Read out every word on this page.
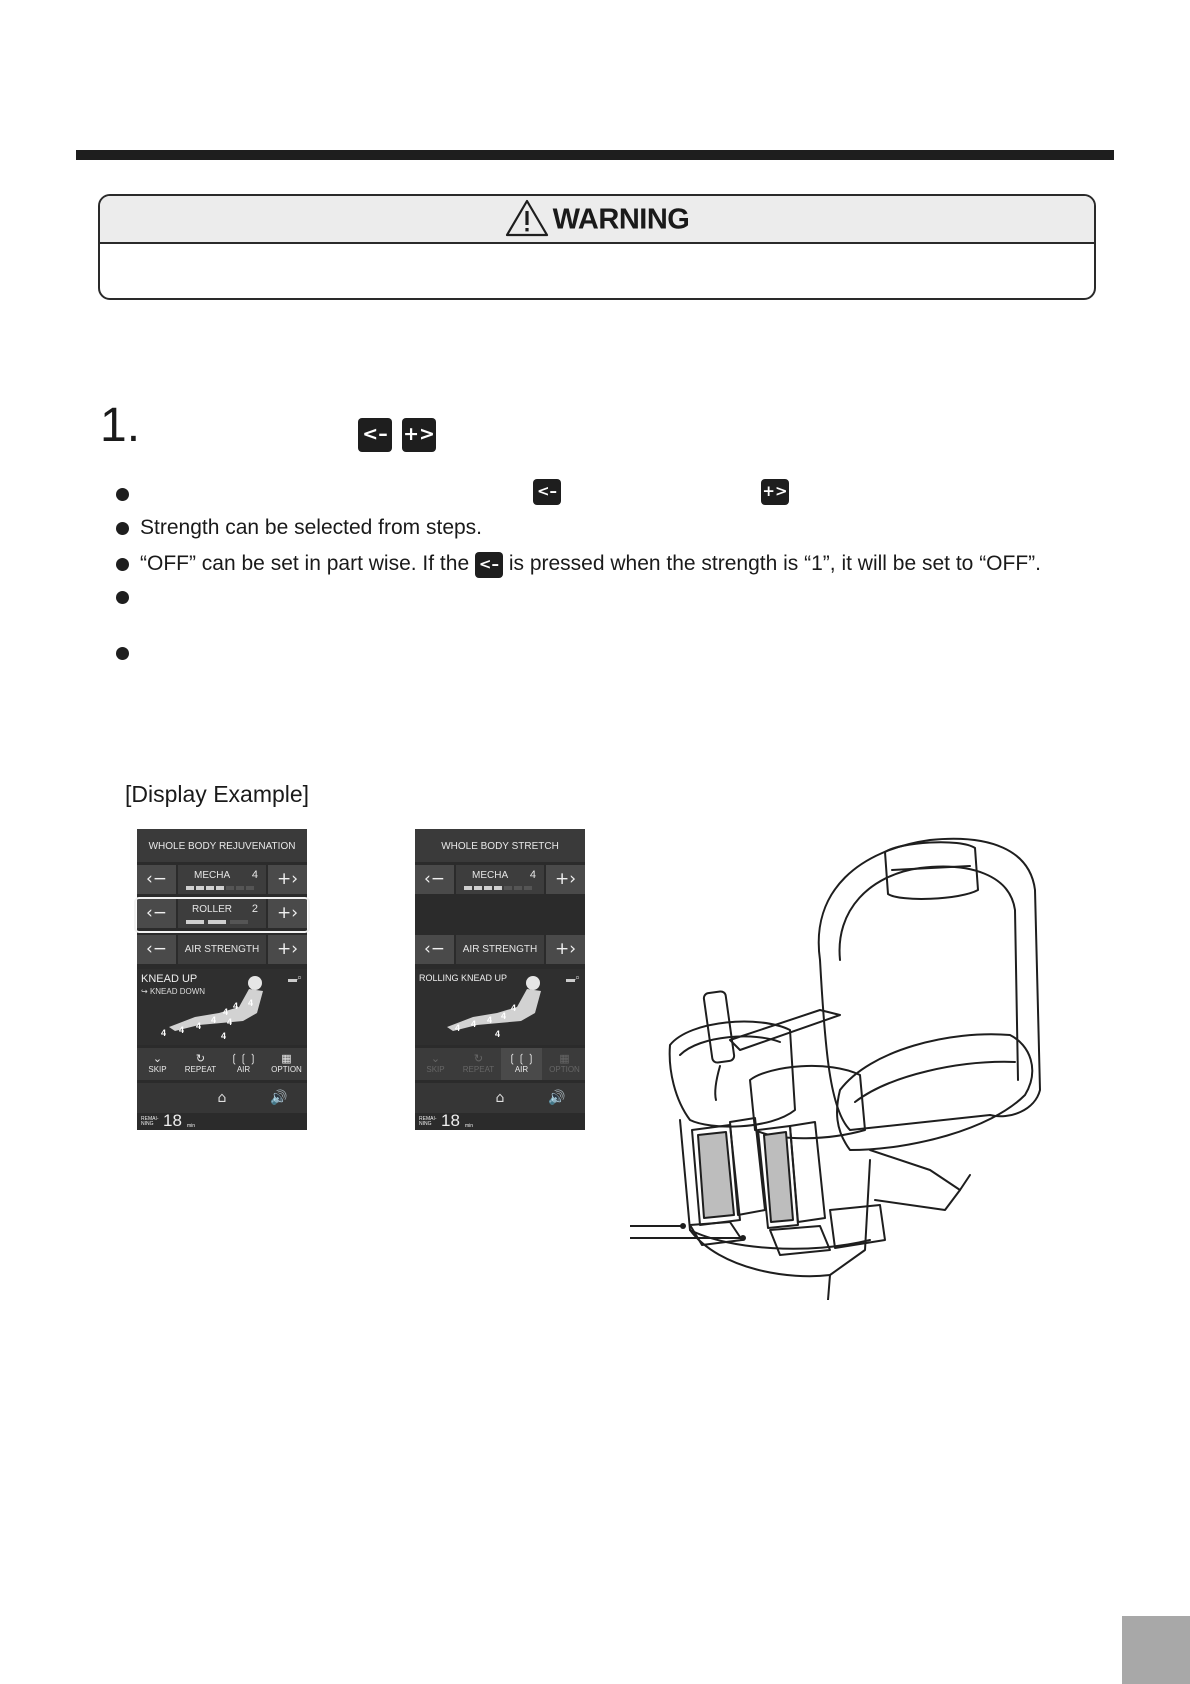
WARNING
1.	<– +>
<–	+>
Strength can be selected from steps.
“OFF” can be set in part wise. If the <– is pressed when the strength is “1”, it will be set to “OFF”.
[Display Example]
WHOLE BODY REJUVENATION
‹−	MECHA 4	+›
‹−	ROLLER 2	+›
‹−	AIR STRENGTH	+›
KNEAD UP
↪ KNEAD DOWN
4
4
4
4
4
4
4
4	4
⌕
⌄
SKIP
↻
REPEAT
❲❲❳
AIR
▦
OPTION
⌂	🔊
REMAI-
NING 18 min
WHOLE BODY STRETCH
‹−	MECHA 4	+›
‹−	AIR STRENGTH	+›
ROLLING KNEAD UP
4
4
4
4
4
4
⌕
⌄
SKIP
↻
REPEAT
❲❲❳
AIR
▦
OPTION
⌂	🔊
REMAI-
NING 18 min
